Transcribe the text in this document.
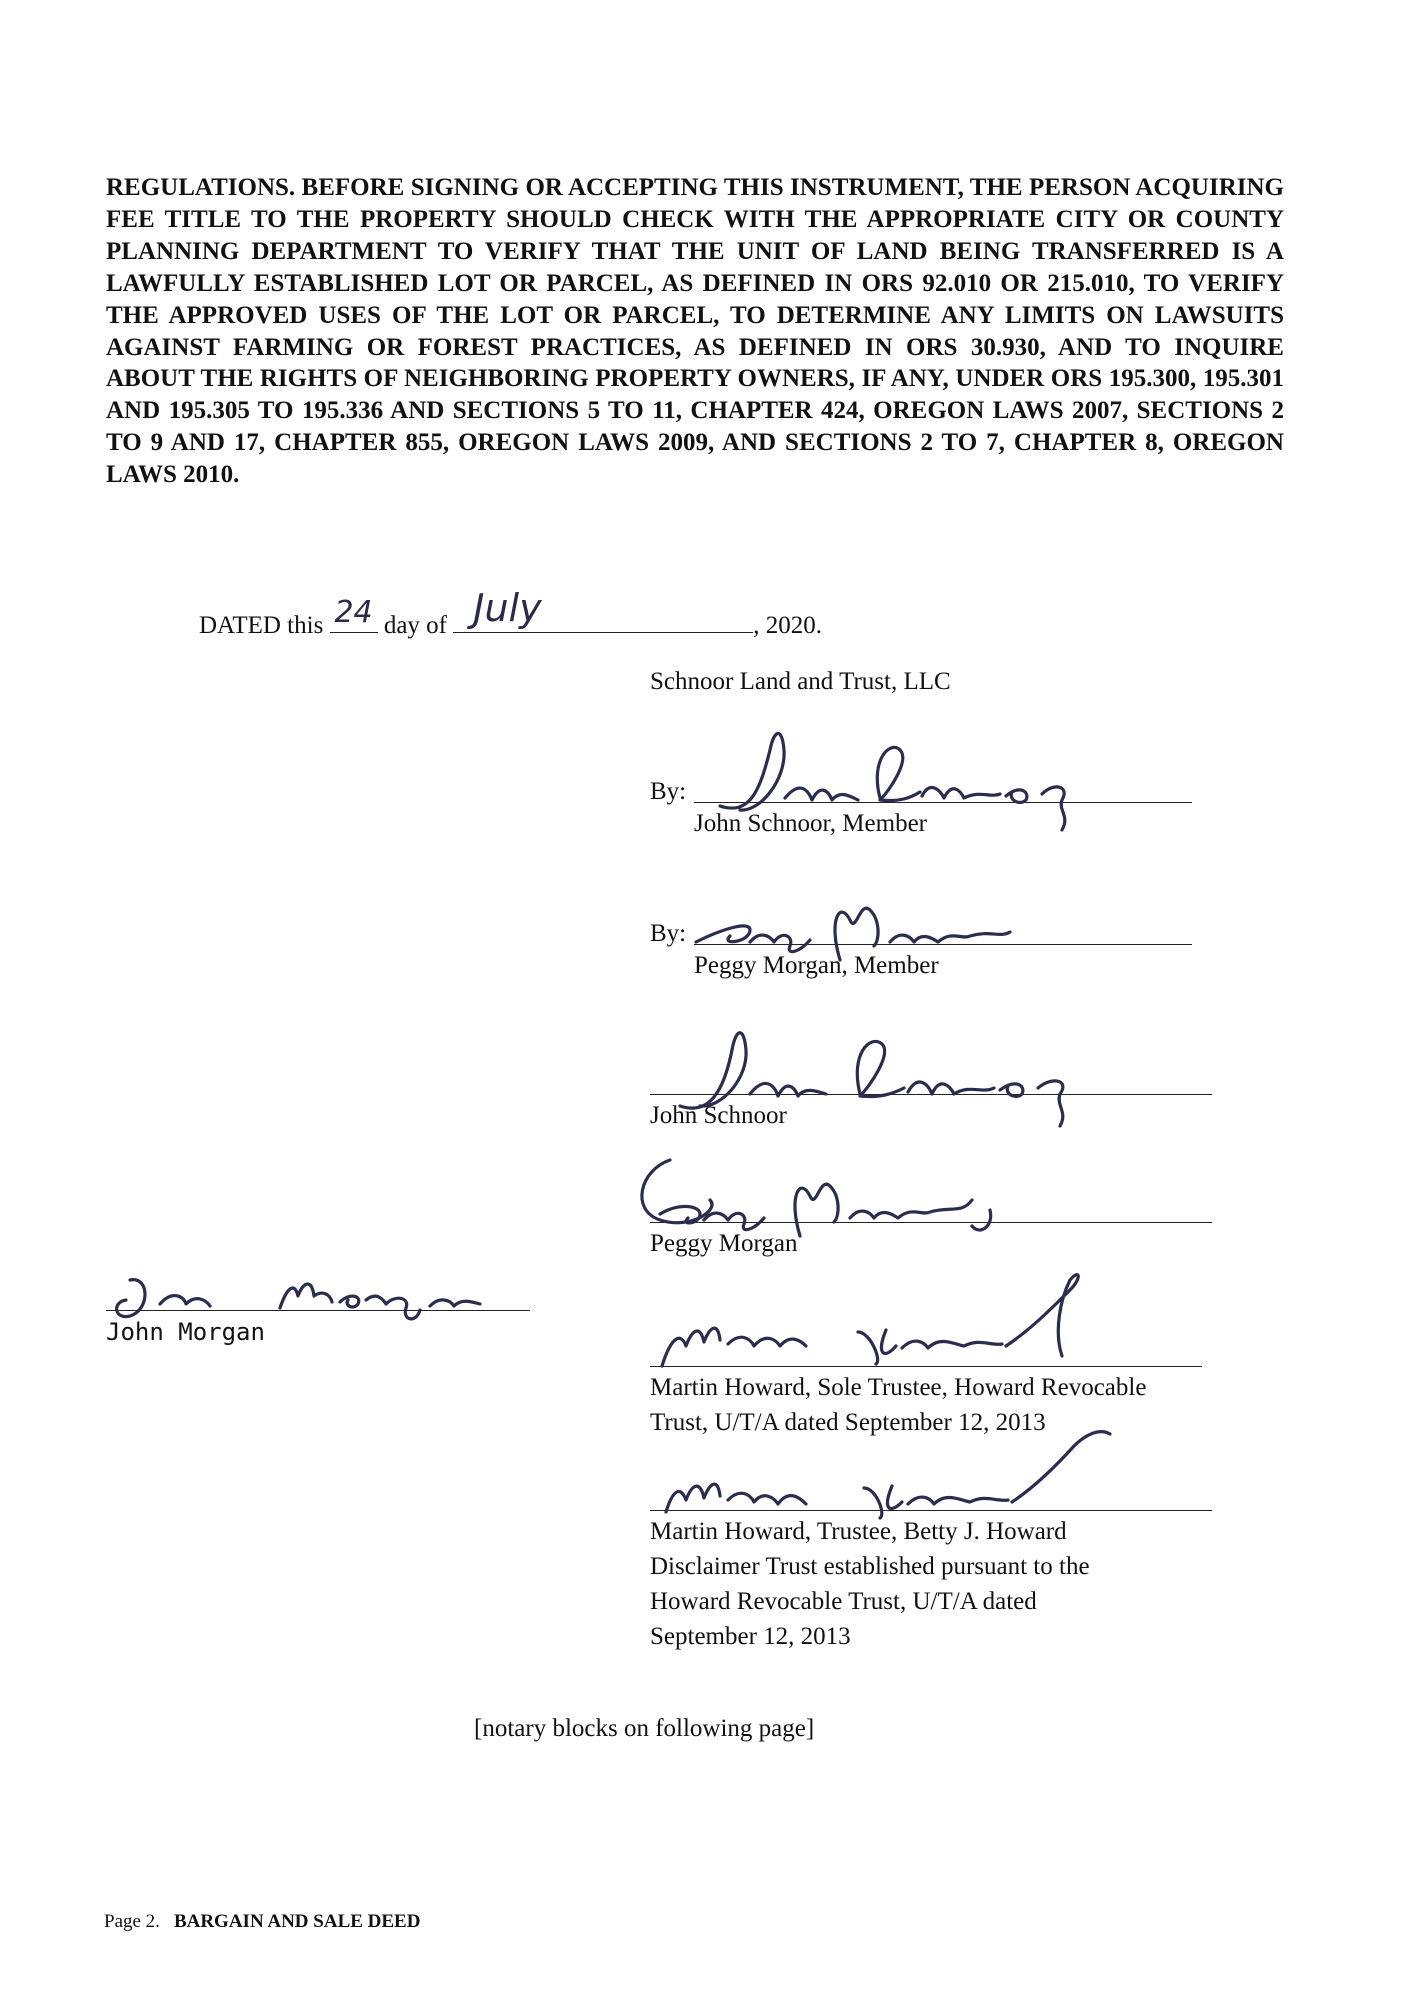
REGULATIONS. BEFORE SIGNING OR ACCEPTING THIS INSTRUMENT, THE PERSON ACQUIRING FEE TITLE TO THE PROPERTY SHOULD CHECK WITH THE APPROPRIATE CITY OR COUNTY PLANNING DEPARTMENT TO VERIFY THAT THE UNIT OF LAND BEING TRANSFERRED IS A LAWFULLY ESTABLISHED LOT OR PARCEL, AS DEFINED IN ORS 92.010 OR 215.010, TO VERIFY THE APPROVED USES OF THE LOT OR PARCEL, TO DETERMINE ANY LIMITS ON LAWSUITS AGAINST FARMING OR FOREST PRACTICES, AS DEFINED IN ORS 30.930, AND TO INQUIRE ABOUT THE RIGHTS OF NEIGHBORING PROPERTY OWNERS, IF ANY, UNDER ORS 195.300, 195.301 AND 195.305 TO 195.336 AND SECTIONS 5 TO 11, CHAPTER 424, OREGON LAWS 2007, SECTIONS 2 TO 9 AND 17, CHAPTER 855, OREGON LAWS 2009, AND SECTIONS 2 TO 7, CHAPTER 8, OREGON LAWS 2010.
DATED this 24 day of July	, 2020.
Schnoor Land and Trust, LLC
By:
John Schnoor, Member
By:
Peggy Morgan, Member
John Schnoor
Peggy Morgan
John Morgan
Martin Howard, Sole Trustee, Howard Revocable
Trust, U/T/A dated September 12, 2013
Martin Howard, Trustee, Betty J. Howard
Disclaimer Trust established pursuant to the
Howard Revocable Trust, U/T/A dated
September 12, 2013
[notary blocks on following page]
Page 2. BARGAIN AND SALE DEED
